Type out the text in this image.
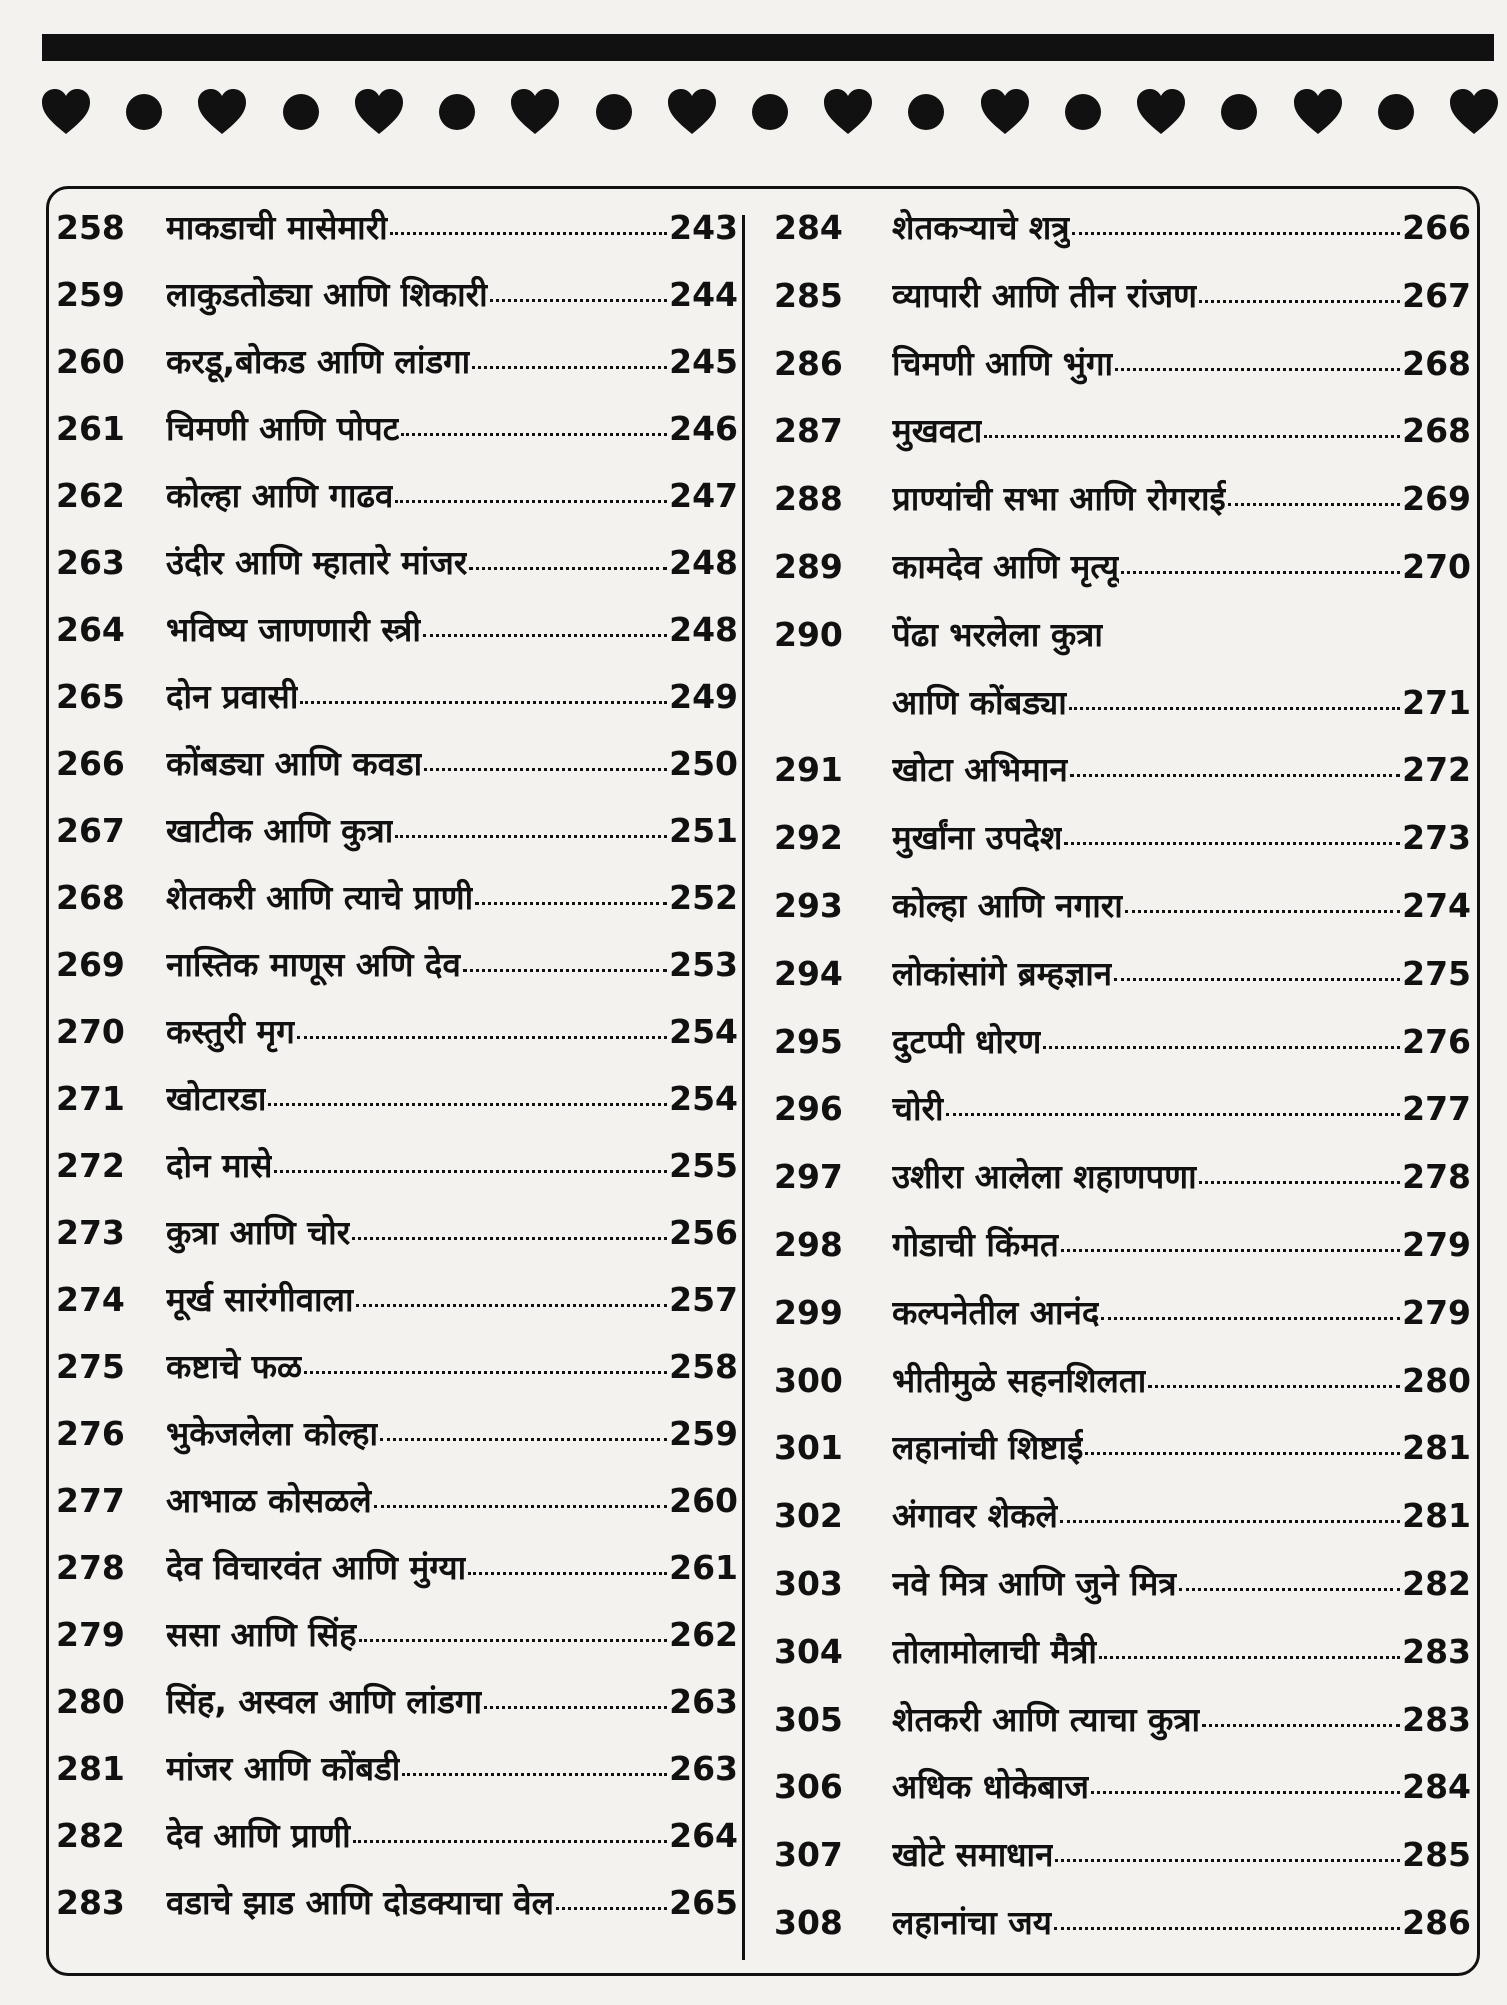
258	माकडाची मासेमारी	243
259	लाकुडतोड्या आणि शिकारी	244
260	करडू,बोकड आणि लांडगा	245
261	चिमणी आणि पोपट	246
262	कोल्हा आणि गाढव	247
263	उंदीर आणि म्हातारे मांजर	248
264	भविष्य जाणणारी स्त्री	248
265	दोन प्रवासी	249
266	कोंबड्या आणि कवडा	250
267	खाटीक आणि कुत्रा	251
268	शेतकरी आणि त्याचे प्राणी	252
269	नास्तिक माणूस अणि देव	253
270	कस्तुरी मृग	254
271	खोटारडा	254
272	दोन मासे	255
273	कुत्रा आणि चोर	256
274	मूर्ख सारंगीवाला	257
275	कष्टाचे फळ	258
276	भुकेजलेला कोल्हा	259
277	आभाळ कोसळले	260
278	देव विचारवंत आणि मुंग्या	261
279	ससा आणि सिंह	262
280	सिंह, अस्वल आणि लांडगा	263
281	मांजर आणि कोंबडी	263
282	देव आणि प्राणी	264
283	वडाचे झाड आणि दोडक्याचा वेल	265
284	शेतकऱ्याचे शत्रु	266
285	व्यापारी आणि तीन रांजण	267
286	चिमणी आणि भुंगा	268
287	मुखवटा	268
288	प्राण्यांची सभा आणि रोगराई	269
289	कामदेव आणि मृत्यू	270
290	पेंढा भरलेला कुत्रा
आणि कोंबड्या	271
291	खोटा अभिमान	272
292	मुर्खांना उपदेश	273
293	कोल्हा आणि नगारा	274
294	लोकांसांगे ब्रम्हज्ञान	275
295	दुटप्पी धोरण	276
296	चोरी	277
297	उशीरा आलेला शहाणपणा	278
298	गोडाची किंमत	279
299	कल्पनेतील आनंद	279
300	भीतीमुळे सहनशिलता	280
301	लहानांची शिष्टाई	281
302	अंगावर शेकले	281
303	नवे मित्र आणि जुने मित्र	282
304	तोलामोलाची मैत्री	283
305	शेतकरी आणि त्याचा कुत्रा	283
306	अधिक धोकेबाज	284
307	खोटे समाधान	285
308	लहानांचा जय	286
